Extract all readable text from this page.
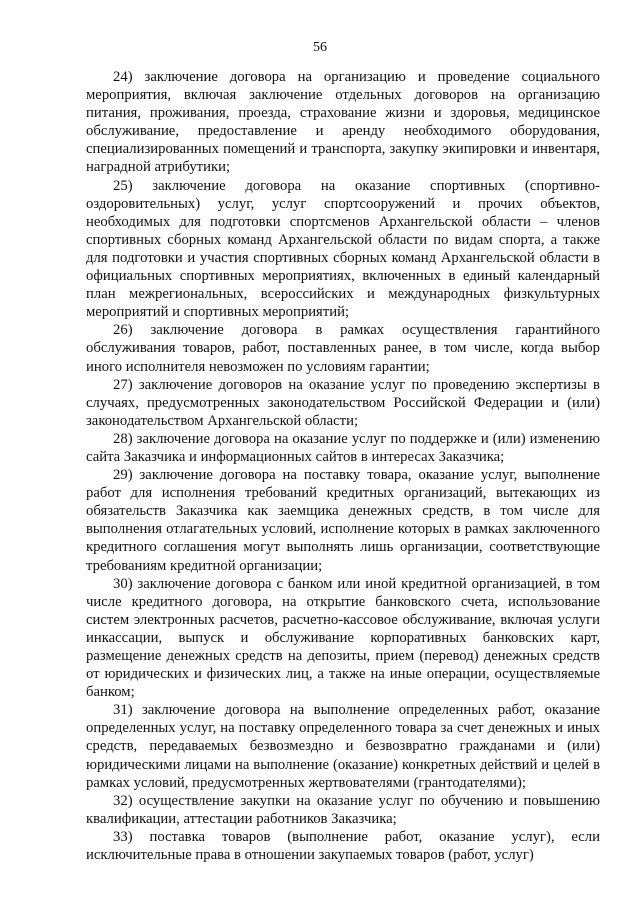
56

24) заключение договора на организацию и проведение социального мероприятия, включая заключение отдельных договоров на организацию питания, проживания, проезда, страхование жизни и здоровья, медицинское обслуживание, предоставление и аренду необходимого оборудования, специализированных помещений и транспорта, закупку экипировки и инвентаря, наградной атрибутики;

25) заключение договора на оказание спортивных (спортивно-оздоровительных) услуг, услуг спортсооружений и прочих объектов, необходимых для подготовки спортсменов Архангельской области – членов спортивных сборных команд Архангельской области по видам спорта, а также для подготовки и участия спортивных сборных команд Архангельской области в официальных спортивных мероприятиях, включенных в единый календарный план межрегиональных, всероссийских и международных физкультурных мероприятий и спортивных мероприятий;

26) заключение договора в рамках осуществления гарантийного обслуживания товаров, работ, поставленных ранее, в том числе, когда выбор иного исполнителя невозможен по условиям гарантии;

27) заключение договоров на оказание услуг по проведению экспертизы в случаях, предусмотренных законодательством Российской Федерации и (или) законодательством Архангельской области;

28) заключение договора на оказание услуг по поддержке и (или) изменению сайта Заказчика и информационных сайтов в интересах Заказчика;

29) заключение договора на поставку товара, оказание услуг, выполнение работ для исполнения требований кредитных организаций, вытекающих из обязательств Заказчика как заемщика денежных средств, в том числе для выполнения отлагательных условий, исполнение которых в рамках заключенного кредитного соглашения могут выполнять лишь организации, соответствующие требованиям кредитной организации;

30) заключение договора с банком или иной кредитной организацией, в том числе кредитного договора, на открытие банковского счета, использование систем электронных расчетов, расчетно-кассовое обслуживание, включая услуги инкассации, выпуск и обслуживание корпоративных банковских карт, размещение денежных средств на депозиты, прием (перевод) денежных средств от юридических и физических лиц, а также на иные операции, осуществляемые банком;

31) заключение договора на выполнение определенных работ, оказание определенных услуг, на поставку определенного товара за счет денежных и иных средств, передаваемых безвозмездно и безвозвратно гражданами и (или) юридическими лицами на выполнение (оказание) конкретных действий и целей в рамках условий, предусмотренных жертвователями (грантодателями);

32) осуществление закупки на оказание услуг по обучению и повышению квалификации, аттестации работников Заказчика;

33) поставка товаров (выполнение работ, оказание услуг), если исключительные права в отношении закупаемых товаров (работ, услуг)
